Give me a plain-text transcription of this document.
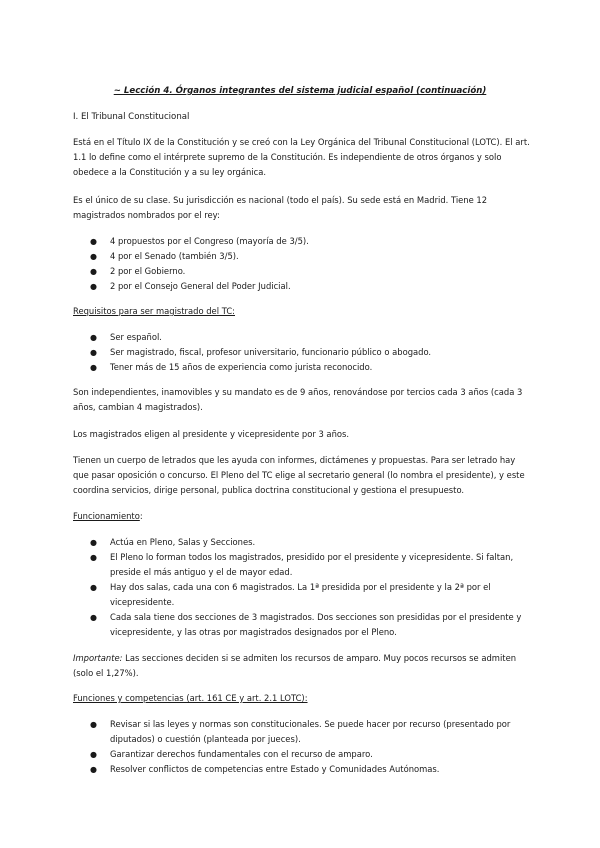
~ Lección 4. Órganos integrantes del sistema judicial español (continuación)
I. El Tribunal Constitucional
Está en el Título IX de la Constitución y se creó con la Ley Orgánica del Tribunal Constitucional (LOTC). El art. 1.1 lo define como el intérprete supremo de la Constitución. Es independiente de otros órganos y solo obedece a la Constitución y a su ley orgánica.
Es el único de su clase. Su jurisdicción es nacional (todo el país). Su sede está en Madrid. Tiene 12 magistrados nombrados por el rey:
● 4 propuestos por el Congreso (mayoría de 3/5).
● 4 por el Senado (también 3/5).
● 2 por el Gobierno.
● 2 por el Consejo General del Poder Judicial.
Requisitos para ser magistrado del TC:
● Ser español.
● Ser magistrado, fiscal, profesor universitario, funcionario público o abogado.
● Tener más de 15 años de experiencia como jurista reconocido.
Son independientes, inamovibles y su mandato es de 9 años, renovándose por tercios cada 3 años (cada 3 años, cambian 4 magistrados).
Los magistrados eligen al presidente y vicepresidente por 3 años.
Tienen un cuerpo de letrados que les ayuda con informes, dictámenes y propuestas. Para ser letrado hay que pasar oposición o concurso. El Pleno del TC elige al secretario general (lo nombra el presidente), y este coordina servicios, dirige personal, publica doctrina constitucional y gestiona el presupuesto.
Funcionamiento:
● Actúa en Pleno, Salas y Secciones.
● El Pleno lo forman todos los magistrados, presidido por el presidente y vicepresidente. Si faltan, preside el más antiguo y el de mayor edad.
● Hay dos salas, cada una con 6 magistrados. La 1ª presidida por el presidente y la 2ª por el vicepresidente.
● Cada sala tiene dos secciones de 3 magistrados. Dos secciones son presididas por el presidente y vicepresidente, y las otras por magistrados designados por el Pleno.
Importante: Las secciones deciden si se admiten los recursos de amparo. Muy pocos recursos se admiten (solo el 1,27%).
Funciones y competencias (art. 161 CE y art. 2.1 LOTC):
● Revisar si las leyes y normas son constitucionales. Se puede hacer por recurso (presentado por diputados) o cuestión (planteada por jueces).
● Garantizar derechos fundamentales con el recurso de amparo.
● Resolver conflictos de competencias entre Estado y Comunidades Autónomas.
